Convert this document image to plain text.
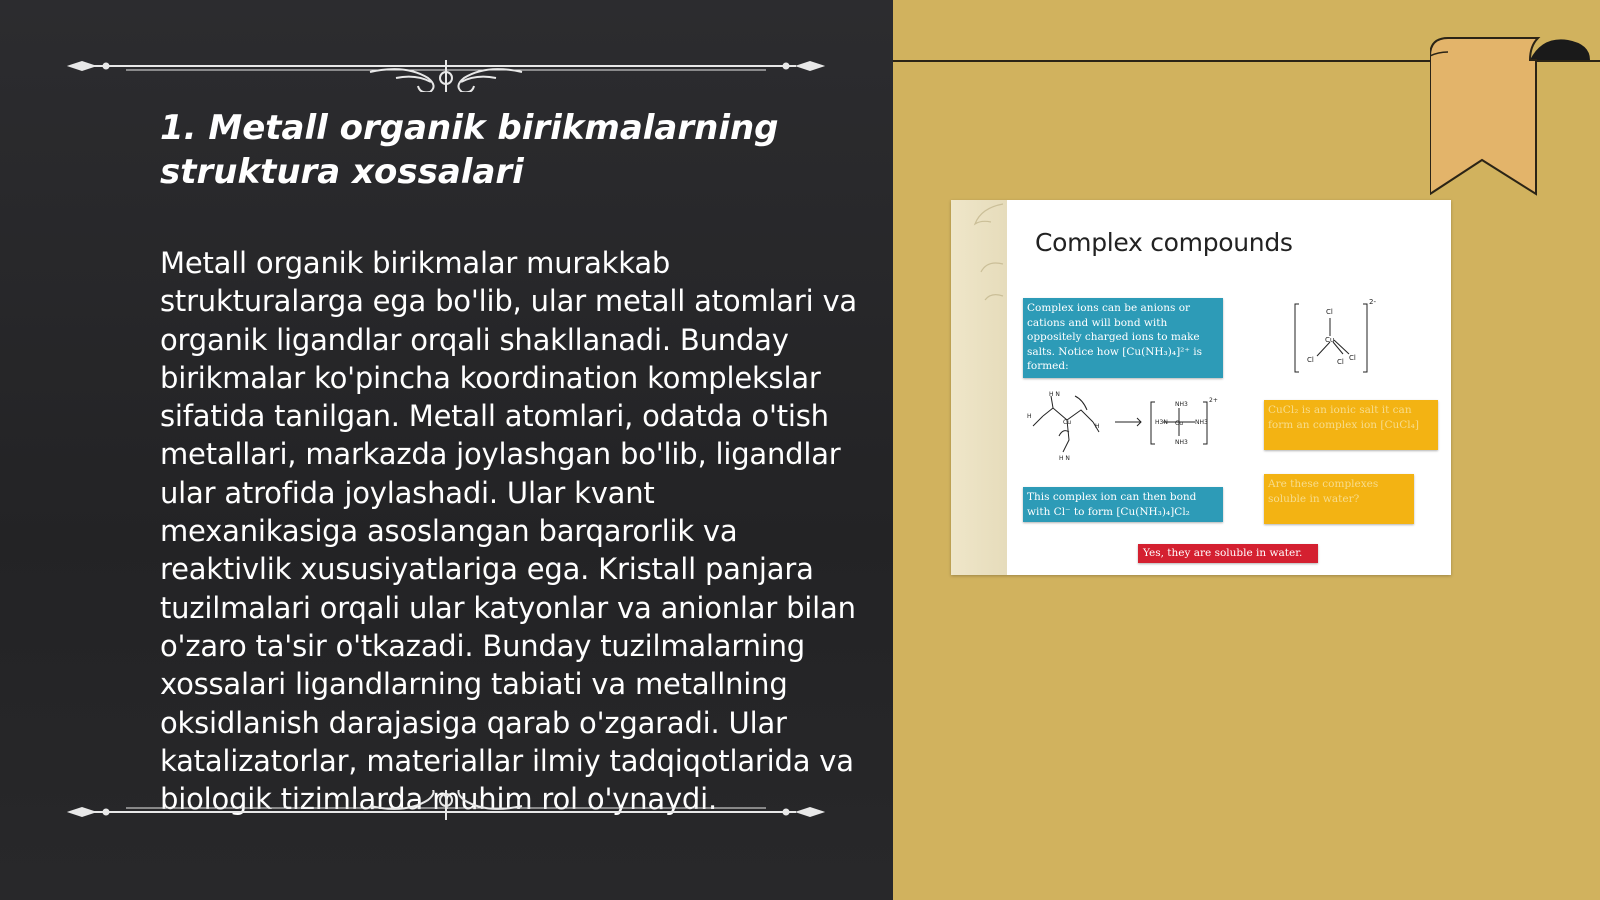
1. Metall organik birikmalarning struktura xossalari

Metall organik birikmalar murakkab strukturalarga ega bo'lib, ular metall atomlari va organik ligandlar orqali shakllanadi. Bunday birikmalar ko'pincha koordination komplekslar sifatida tanilgan. Metall atomlari, odatda o'tish metallari, markazda joylashgan bo'lib, ligandlar ular atrofida joylashadi. Ular kvant mexanikasiga asoslangan barqarorlik va reaktivlik xususiyatlariga ega. Kristall panjara tuzilmalari orqali ular katyonlar va anionlar bilan o'zaro ta'sir o'tkazadi. Bunday tuzilmalarning xossalari ligandlarning tabiati va metallning oksidlanish darajasiga qarab o'zgaradi. Ular katalizatorlar, materiallar ilmiy tadqiqotlarida va biologik tizimlarda muhim rol o'ynaydi.

Complex compounds
Complex ions can be anions or cations and will bond with oppositely charged ions to make salts. Notice how [Cu(NH₃)₄]²⁺ is formed:
Cl
Cu
Cl	Cl Cl
2-
H N
H
Cu
H
H N
NH3
NH3
H3N	NH3
Cu
2+
CuCl₂ is an ionic salt it can form an complex ion [CuCl₄]
This complex ion can then bond with Cl⁻ to form [Cu(NH₃)₄]Cl₂
Are these complexes soluble in water?
Yes, they are soluble in water.
